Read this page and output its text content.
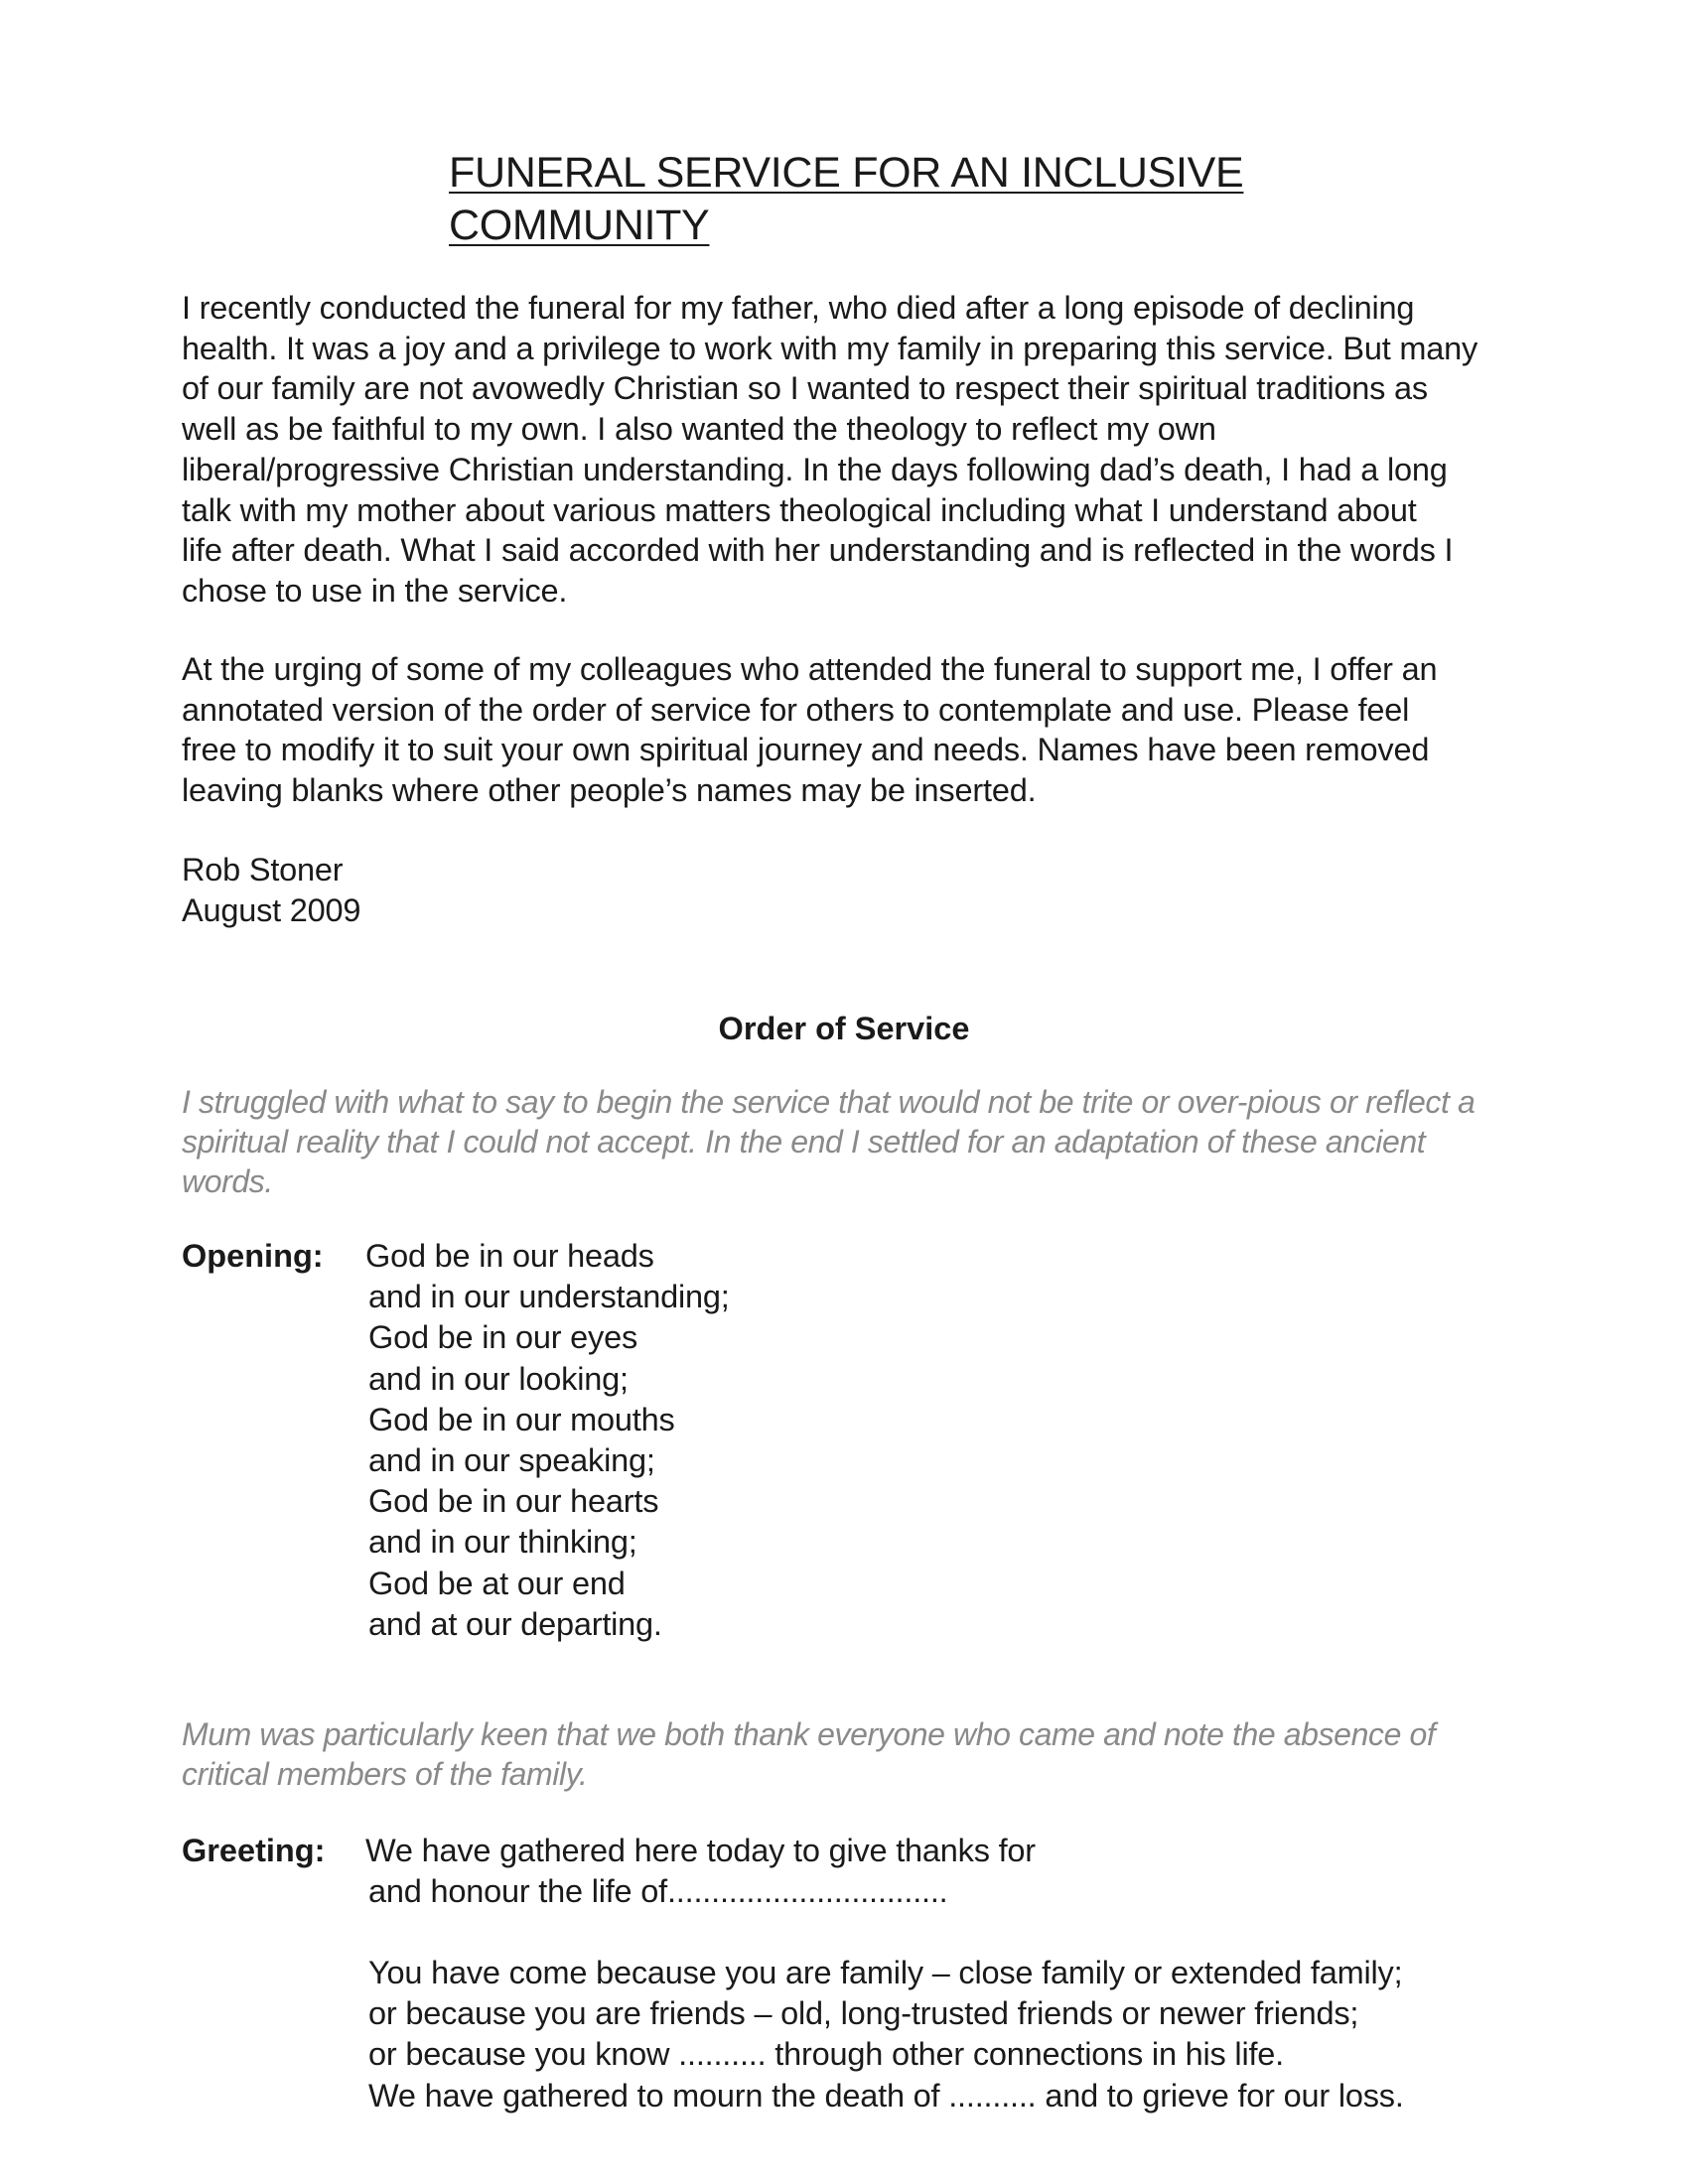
FUNERAL SERVICE FOR AN INCLUSIVE
COMMUNITY
I recently conducted the funeral for my father, who died after a long episode of declining
health. It was a joy and a privilege to work with my family in preparing this service. But many
of our family are not avowedly Christian so I wanted to respect their spiritual traditions as
well as be faithful to my own. I also wanted the theology to reflect my own
liberal/progressive Christian understanding. In the days following dad’s death, I had a long
talk with my mother about various matters theological including what I understand about
life after death. What I said accorded with her understanding and is reflected in the words I
chose to use in the service.
At the urging of some of my colleagues who attended the funeral to support me, I offer an
annotated version of the order of service for others to contemplate and use. Please feel
free to modify it to suit your own spiritual journey and needs. Names have been removed
leaving blanks where other people’s names may be inserted.
Rob Stoner
August 2009
Order of Service
I struggled with what to say to begin the service that would not be trite or over-pious or reflect a
spiritual reality that I could not accept. In the end I settled for an adaptation of these ancient
words.
Opening: God be in our heads
and in our understanding;
God be in our eyes
and in our looking;
God be in our mouths
and in our speaking;
God be in our hearts
and in our thinking;
God be at our end
and at our departing.
Mum was particularly keen that we both thank everyone who came and note the absence of
critical members of the family.
Greeting: We have gathered here today to give thanks for
and honour the life of................................
You have come because you are family – close family or extended family;
or because you are friends – old, long-trusted friends or newer friends;
or because you know .......... through other connections in his life.
We have gathered to mourn the death of .......... and to grieve for our loss.
